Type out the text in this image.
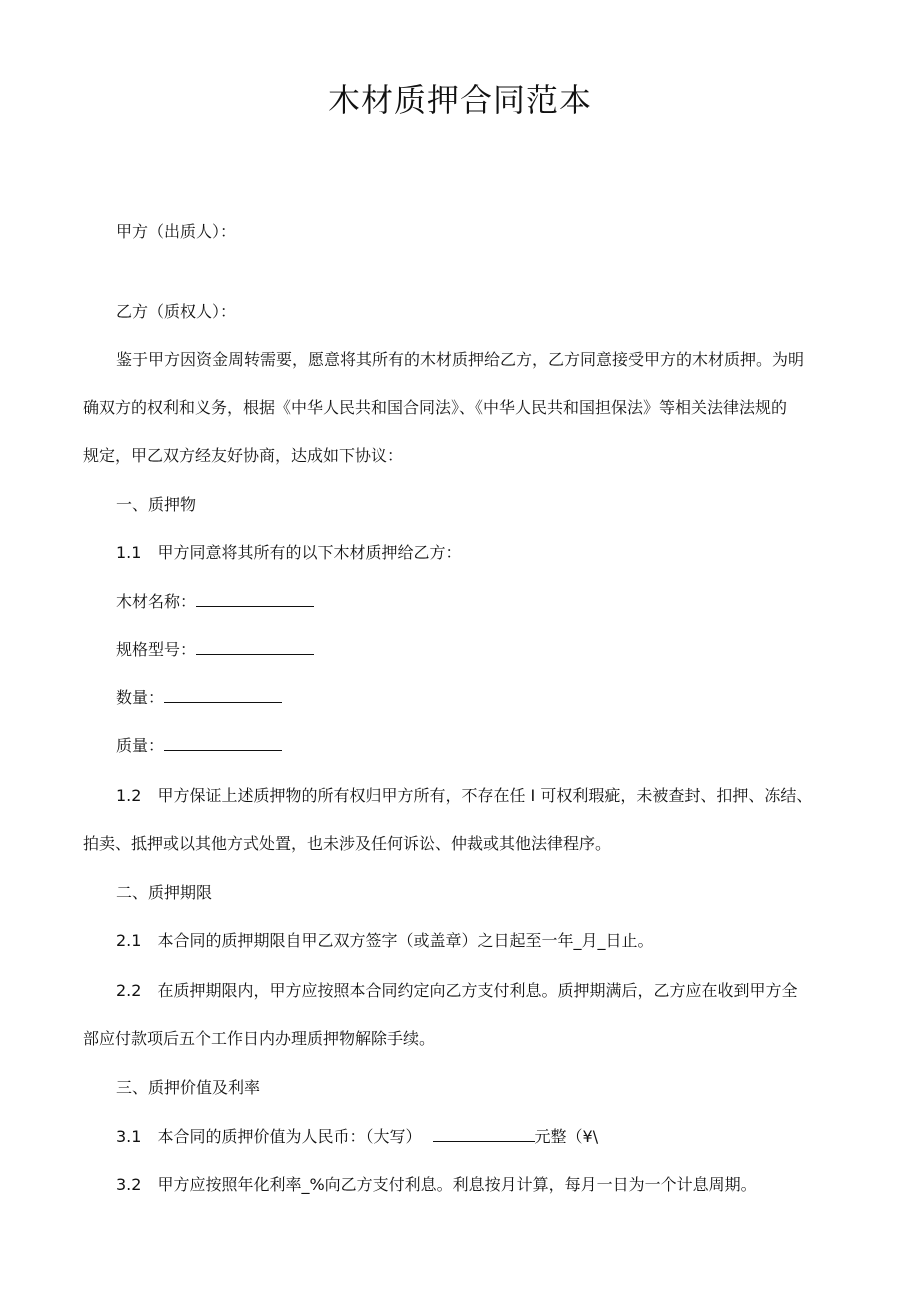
木材质押合同范本
甲方（出质人）：
乙方（质权人）：
鉴于甲方因资金周转需要，愿意将其所有的木材质押给乙方，乙方同意接受甲方的木材质押。为明
确双方的权利和义务，根据《中华人民共和国合同法》、《中华人民共和国担保法》等相关法律法规的
规定，甲乙双方经友好协商，达成如下协议：
一、质押物
1.1　甲方同意将其所有的以下木材质押给乙方：
木材名称：
规格型号：
数量：
质量：
1.2　甲方保证上述质押物的所有权归甲方所有，不存在任 I 可权利瑕疵，未被查封、扣押、冻结、
拍卖、抵押或以其他方式处置，也未涉及任何诉讼、仲裁或其他法律程序。
二、质押期限
2.1　本合同的质押期限自甲乙双方签字（或盖章）之日起至一年_月_日止。
2.2　在质押期限内，甲方应按照本合同约定向乙方支付利息。质押期满后，乙方应在收到甲方全
部应付款项后五个工作日内办理质押物解除手续。
三、质押价值及利率
3.1　本合同的质押价值为人民币：（大写）	元整（¥\
3.2　甲方应按照年化利率_%向乙方支付利息。利息按月计算，每月一日为一个计息周期。
